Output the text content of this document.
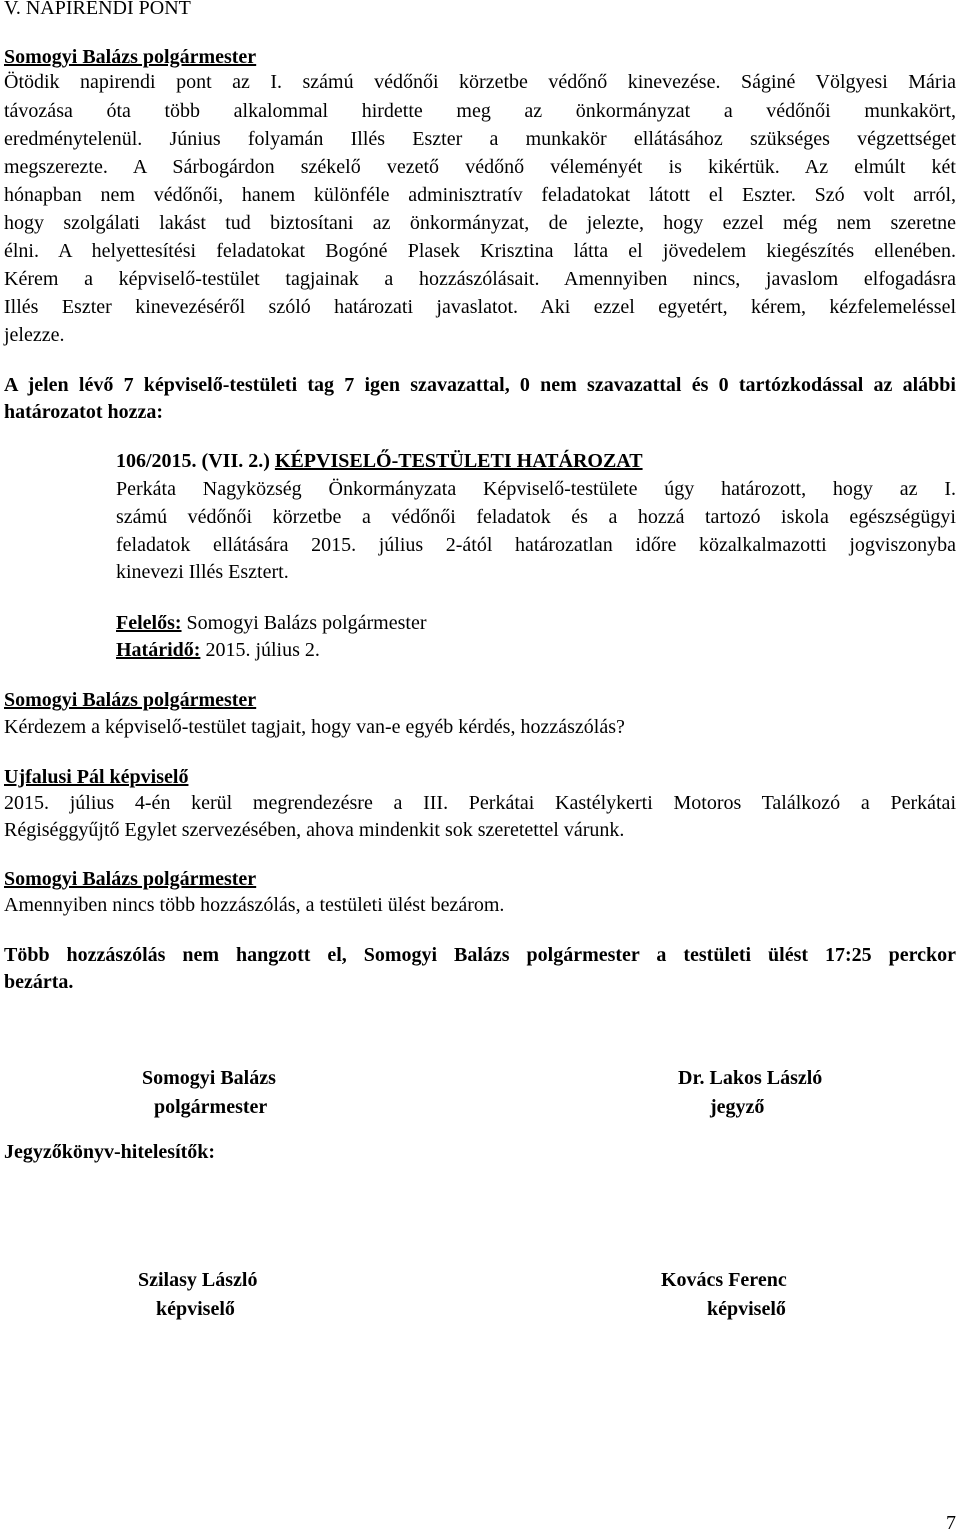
V. NAPIRENDI PONT
Somogyi Balázs polgármester
Ötödik napirendi pont az I. számú védőnői körzetbe védőnő kinevezése. Ságiné Völgyesi Mária
távozása óta több alkalommal hirdette meg az önkormányzat a védőnői munkakört,
eredménytelenül. Június folyamán Illés Eszter a munkakör ellátásához szükséges végzettséget
megszerezte. A Sárbogárdon székelő vezető védőnő véleményét is kikértük. Az elmúlt két
hónapban nem védőnői, hanem különféle adminisztratív feladatokat látott el Eszter. Szó volt arról,
hogy szolgálati lakást tud biztosítani az önkormányzat, de jelezte, hogy ezzel még nem szeretne
élni. A helyettesítési feladatokat Bogóné Plasek Krisztina látta el jövedelem kiegészítés ellenében.
Kérem a képviselő-testület tagjainak a hozzászólásait. Amennyiben nincs, javaslom elfogadásra
Illés Eszter kinevezéséről szóló határozati javaslatot. Aki ezzel egyetért, kérem, kézfelemeléssel
jelezze.
A jelen lévő 7 képviselő-testületi tag 7 igen szavazattal, 0 nem szavazattal és 0 tartózkodással az alábbi
határozatot hozza:
106/2015. (VII. 2.) KÉPVISELŐ-TESTÜLETI HATÁROZAT
Perkáta Nagyközség Önkormányzata Képviselő-testülete úgy határozott, hogy az I.
számú védőnői körzetbe a védőnői feladatok és a hozzá tartozó iskola egészségügyi
feladatok ellátására 2015. július 2-ától határozatlan időre közalkalmazotti jogviszonyba
kinevezi Illés Esztert.
Felelős: Somogyi Balázs polgármester
Határidő: 2015. július 2.
Somogyi Balázs polgármester
Kérdezem a képviselő-testület tagjait, hogy van-e egyéb kérdés, hozzászólás?
Ujfalusi Pál képviselő
2015. július 4-én kerül megrendezésre a III. Perkátai Kastélykerti Motoros Találkozó a Perkátai
Régiséggyűjtő Egylet szervezésében, ahova mindenkit sok szeretettel várunk.
Somogyi Balázs polgármester
Amennyiben nincs több hozzászólás, a testületi ülést bezárom.
Több hozzászólás nem hangzott el, Somogyi Balázs polgármester a testületi ülést 17:25 perckor
bezárta.
Somogyi Balázs
polgármester
Dr. Lakos László
jegyző
Jegyzőkönyv-hitelesítők:
Szilasy László
képviselő
Kovács Ferenc
képviselő
7
